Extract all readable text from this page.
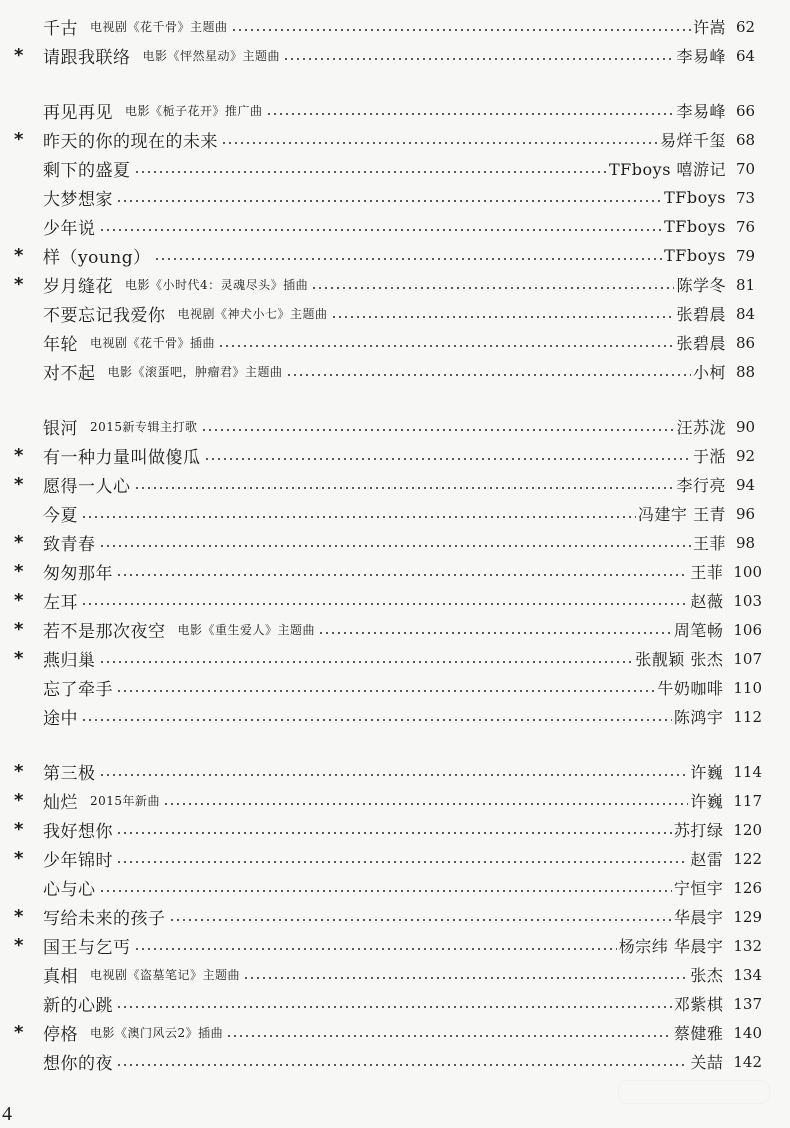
千古 电视剧《花千骨》主题曲	许嵩 62
* 请跟我联络 电影《怦然星动》主题曲	李易峰 64
再见再见 电影《栀子花开》推广曲	李易峰 66
* 昨天的你的现在的未来	易烊千玺 68
剩下的盛夏	TFboys 嘻游记 70
大梦想家	TFboys 73
少年说	TFboys 76
* 样（young）	TFboys 79
* 岁月缝花 电影《小时代4：灵魂尽头》插曲	陈学冬 81
不要忘记我爱你 电视剧《神犬小七》主题曲	张碧晨 84
年轮 电视剧《花千骨》插曲	张碧晨 86
对不起 电影《滚蛋吧，肿瘤君》主题曲	小柯 88
银河 2015新专辑主打歌	汪苏泷 90
* 有一种力量叫做傻瓜	于湉 92
* 愿得一人心	李行亮 94
今夏	冯建宇 王青 96
* 致青春	王菲 98
* 匆匆那年	王菲 100
* 左耳	赵薇 103
* 若不是那次夜空 电影《重生爱人》主题曲	周笔畅 106
* 燕归巢	张靓颖 张杰 107
忘了牵手	牛奶咖啡 110
途中	陈鸿宇 112
* 第三极	许巍 114
* 灿烂 2015年新曲	许巍 117
* 我好想你	苏打绿 120
* 少年锦时	赵雷 122
心与心	宁恒宇 126
* 写给未来的孩子	华晨宇 129
* 国王与乞丐	杨宗纬 华晨宇 132
真相 电视剧《盗墓笔记》主题曲	张杰 134
新的心跳	邓紫棋 137
* 停格 电影《澳门风云2》插曲	蔡健雅 140
想你的夜	关喆 142
4
